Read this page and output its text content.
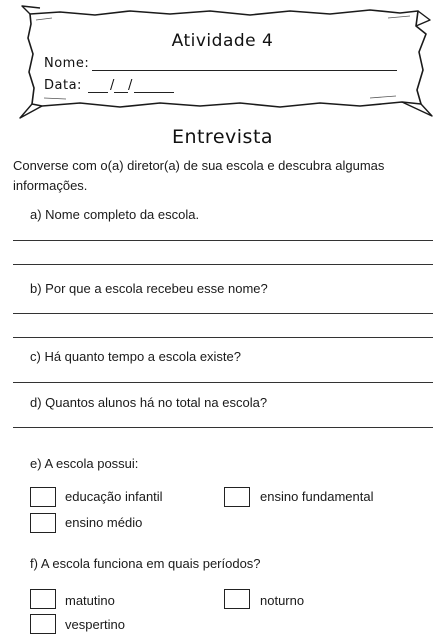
Atividade 4
Nome:
Data: / /
Entrevista
Converse com o(a) diretor(a) de sua escola e descubra algumas informações.
a) Nome completo da escola.
b) Por que a escola recebeu esse nome?
c) Há quanto tempo a escola existe?
d) Quantos alunos há no total na escola?
e) A escola possui:
educação infantil	ensino fundamental
ensino médio
f) A escola funciona em quais períodos?
matutino	noturno
vespertino
